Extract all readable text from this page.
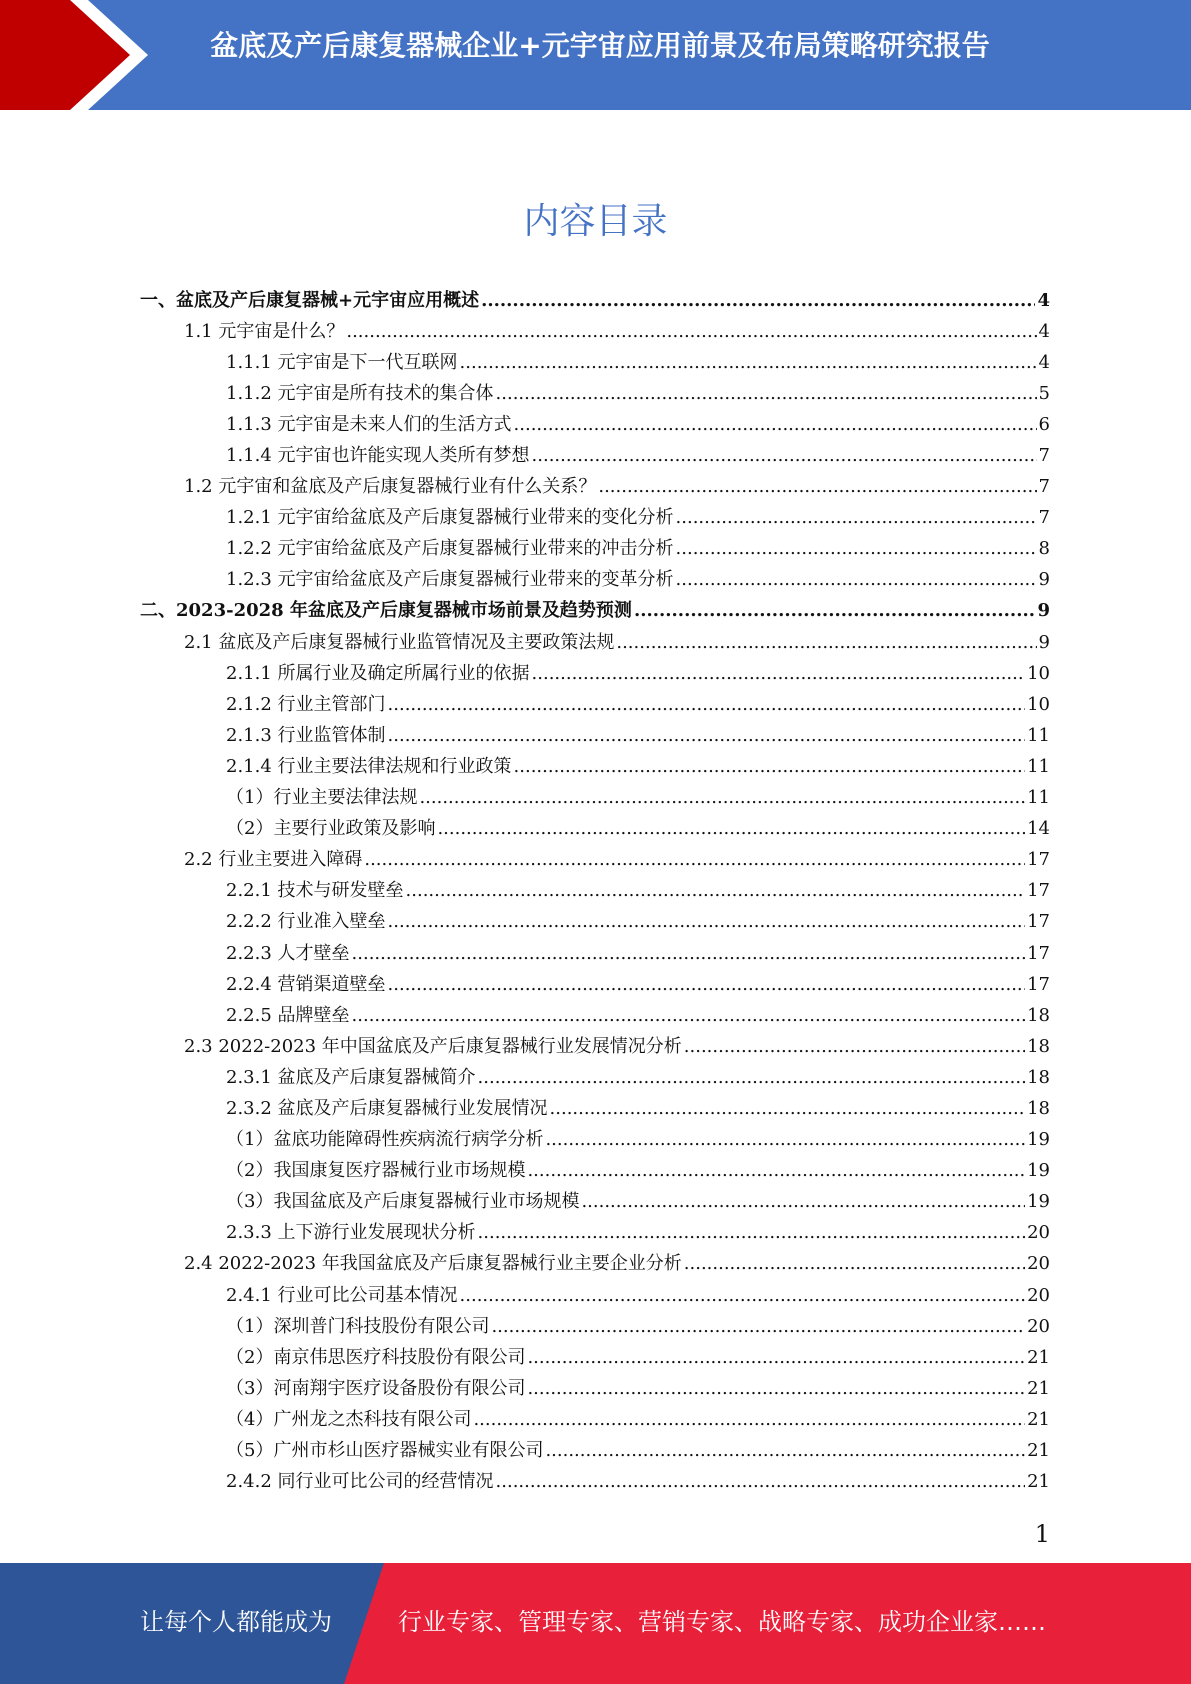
盆底及产后康复器械企业+元宇宙应用前景及布局策略研究报告
内容目录
一、盆底及产后康复器械+元宇宙应用概述 .....	4
1.1 元宇宙是什么？ .....	4
1.1.1 元宇宙是下一代互联网 .....	4
1.1.2 元宇宙是所有技术的集合体 .....	5
1.1.3 元宇宙是未来人们的生活方式 .....	6
1.1.4 元宇宙也许能实现人类所有梦想 .....	7
1.2 元宇宙和盆底及产后康复器械行业有什么关系？ .....	7
1.2.1 元宇宙给盆底及产后康复器械行业带来的变化分析 .....	7
1.2.2 元宇宙给盆底及产后康复器械行业带来的冲击分析 .....	8
1.2.3 元宇宙给盆底及产后康复器械行业带来的变革分析 .....	9
二、2023-2028 年盆底及产后康复器械市场前景及趋势预测 .....	9
2.1 盆底及产后康复器械行业监管情况及主要政策法规 .....	9
2.1.1 所属行业及确定所属行业的依据 .....	10
2.1.2 行业主管部门 .....	10
2.1.3 行业监管体制 .....	11
2.1.4 行业主要法律法规和行业政策 .....	11
（1）行业主要法律法规 .....	11
（2）主要行业政策及影响 .....	14
2.2 行业主要进入障碍 .....	17
2.2.1 技术与研发壁垒 .....	17
2.2.2 行业准入壁垒 .....	17
2.2.3 人才壁垒 .....	17
2.2.4 营销渠道壁垒 .....	17
2.2.5 品牌壁垒 .....	18
2.3 2022-2023 年中国盆底及产后康复器械行业发展情况分析 .....	18
2.3.1 盆底及产后康复器械简介 .....	18
2.3.2 盆底及产后康复器械行业发展情况 .....	18
（1）盆底功能障碍性疾病流行病学分析 .....	19
（2）我国康复医疗器械行业市场规模 .....	19
（3）我国盆底及产后康复器械行业市场规模 .....	19
2.3.3 上下游行业发展现状分析 .....	20
2.4 2022-2023 年我国盆底及产后康复器械行业主要企业分析 .....	20
2.4.1 行业可比公司基本情况 .....	20
（1）深圳普门科技股份有限公司 .....	20
（2）南京伟思医疗科技股份有限公司 .....	21
（3）河南翔宇医疗设备股份有限公司 .....	21
（4）广州龙之杰科技有限公司 .....	21
（5）广州市杉山医疗器械实业有限公司 .....	21
2.4.2 同行业可比公司的经营情况 .....	21
1
让每个人都能成为	行业专家、管理专家、营销专家、战略专家、成功企业家……
